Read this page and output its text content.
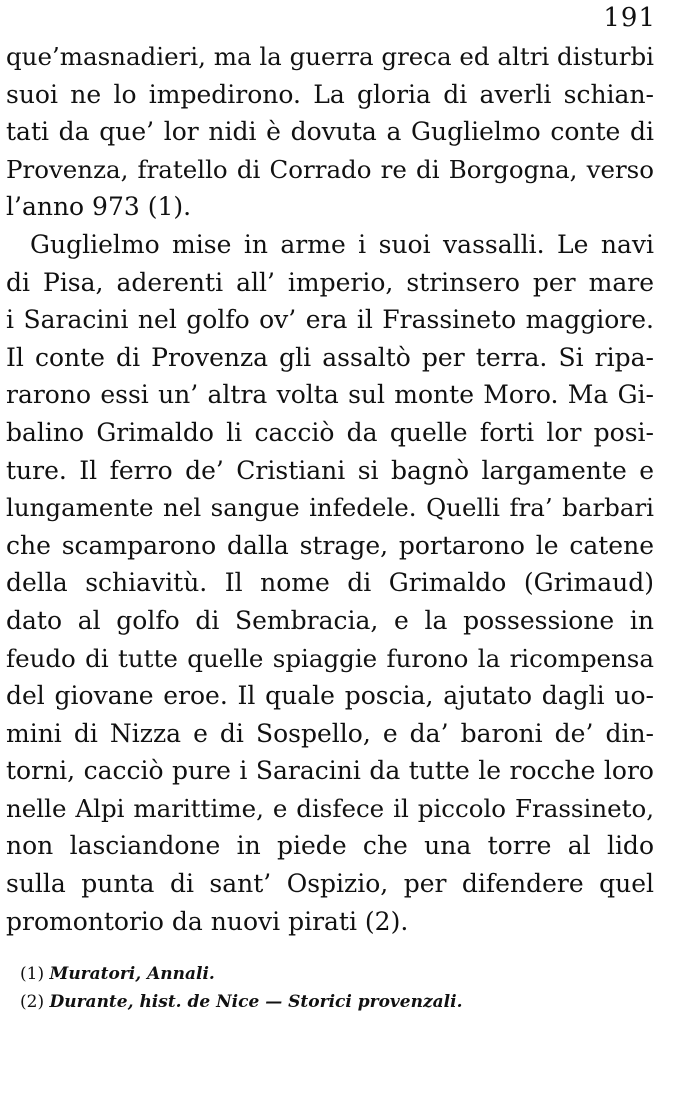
191
que’masnadieri, ma la guerra greca ed altri disturbi
suoi ne lo impedirono. La gloria di averli schian-
tati da que’ lor nidi è dovuta a Guglielmo conte di
Provenza, fratello di Corrado re di Borgogna, verso
l’anno 973 (1).
Guglielmo mise in arme i suoi vassalli. Le navi
di Pisa, aderenti all’ imperio, strinsero per mare
i Saracini nel golfo ov’ era il Frassineto maggiore.
Il conte di Provenza gli assaltò per terra. Si ripa-
rarono essi un’ altra volta sul monte Moro. Ma Gi-
balino Grimaldo li cacciò da quelle forti lor posi-
ture. Il ferro de’ Cristiani si bagnò largamente e
lungamente nel sangue infedele. Quelli fra’ barbari
che scamparono dalla strage, portarono le catene
della schiavitù. Il nome di Grimaldo (Grimaud)
dato al golfo di Sembracia, e la possessione in
feudo di tutte quelle spiaggie furono la ricompensa
del giovane eroe. Il quale poscia, ajutato dagli uo-
mini di Nizza e di Sospello, e da’ baroni de’ din-
torni, cacciò pure i Saracini da tutte le rocche loro
nelle Alpi marittime, e disfece il piccolo Frassineto,
non lasciandone in piede che una torre al lido
sulla punta di sant’ Ospizio, per difendere quel
promontorio da nuovi pirati (2).
(1) Muratori, Annali.
(2) Durante, hist. de Nice — Storici provenzali.
